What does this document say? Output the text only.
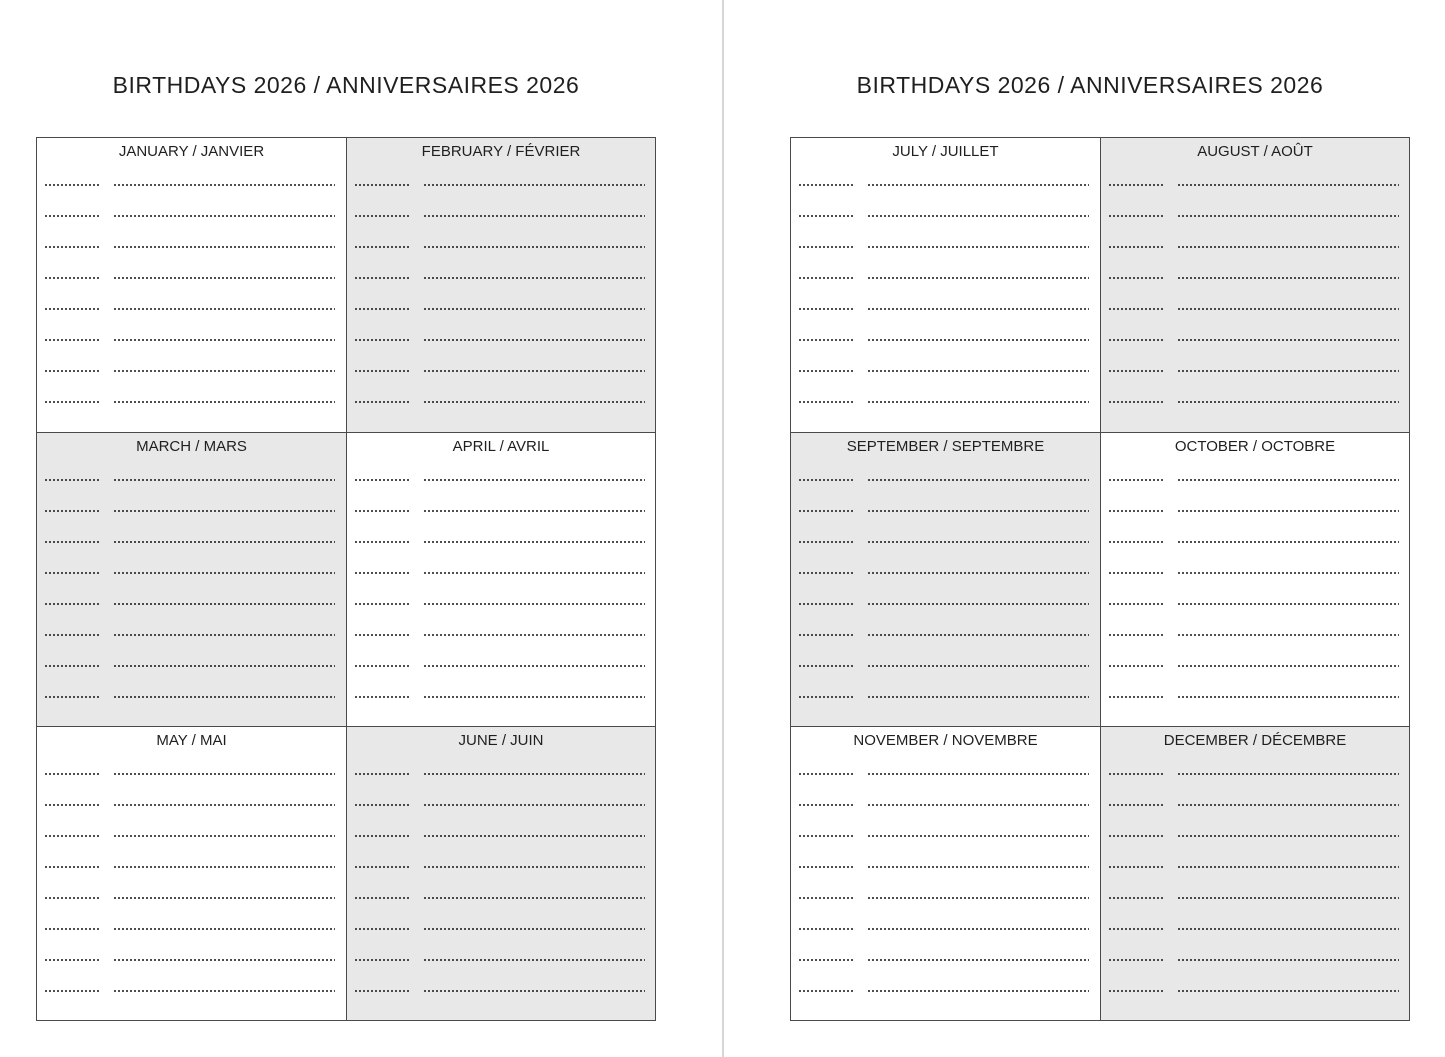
BIRTHDAYS 2026 / ANNIVERSAIRES 2026
JANUARY / JANVIER	FEBRUARY / FÉVRIER
MARCH / MARS	APRIL / AVRIL
MAY / MAI	JUNE / JUIN
BIRTHDAYS 2026 / ANNIVERSAIRES 2026
JULY / JUILLET	AUGUST / AOÛT
SEPTEMBER / SEPTEMBRE	OCTOBER / OCTOBRE
NOVEMBER / NOVEMBRE	DECEMBER / DÉCEMBRE
